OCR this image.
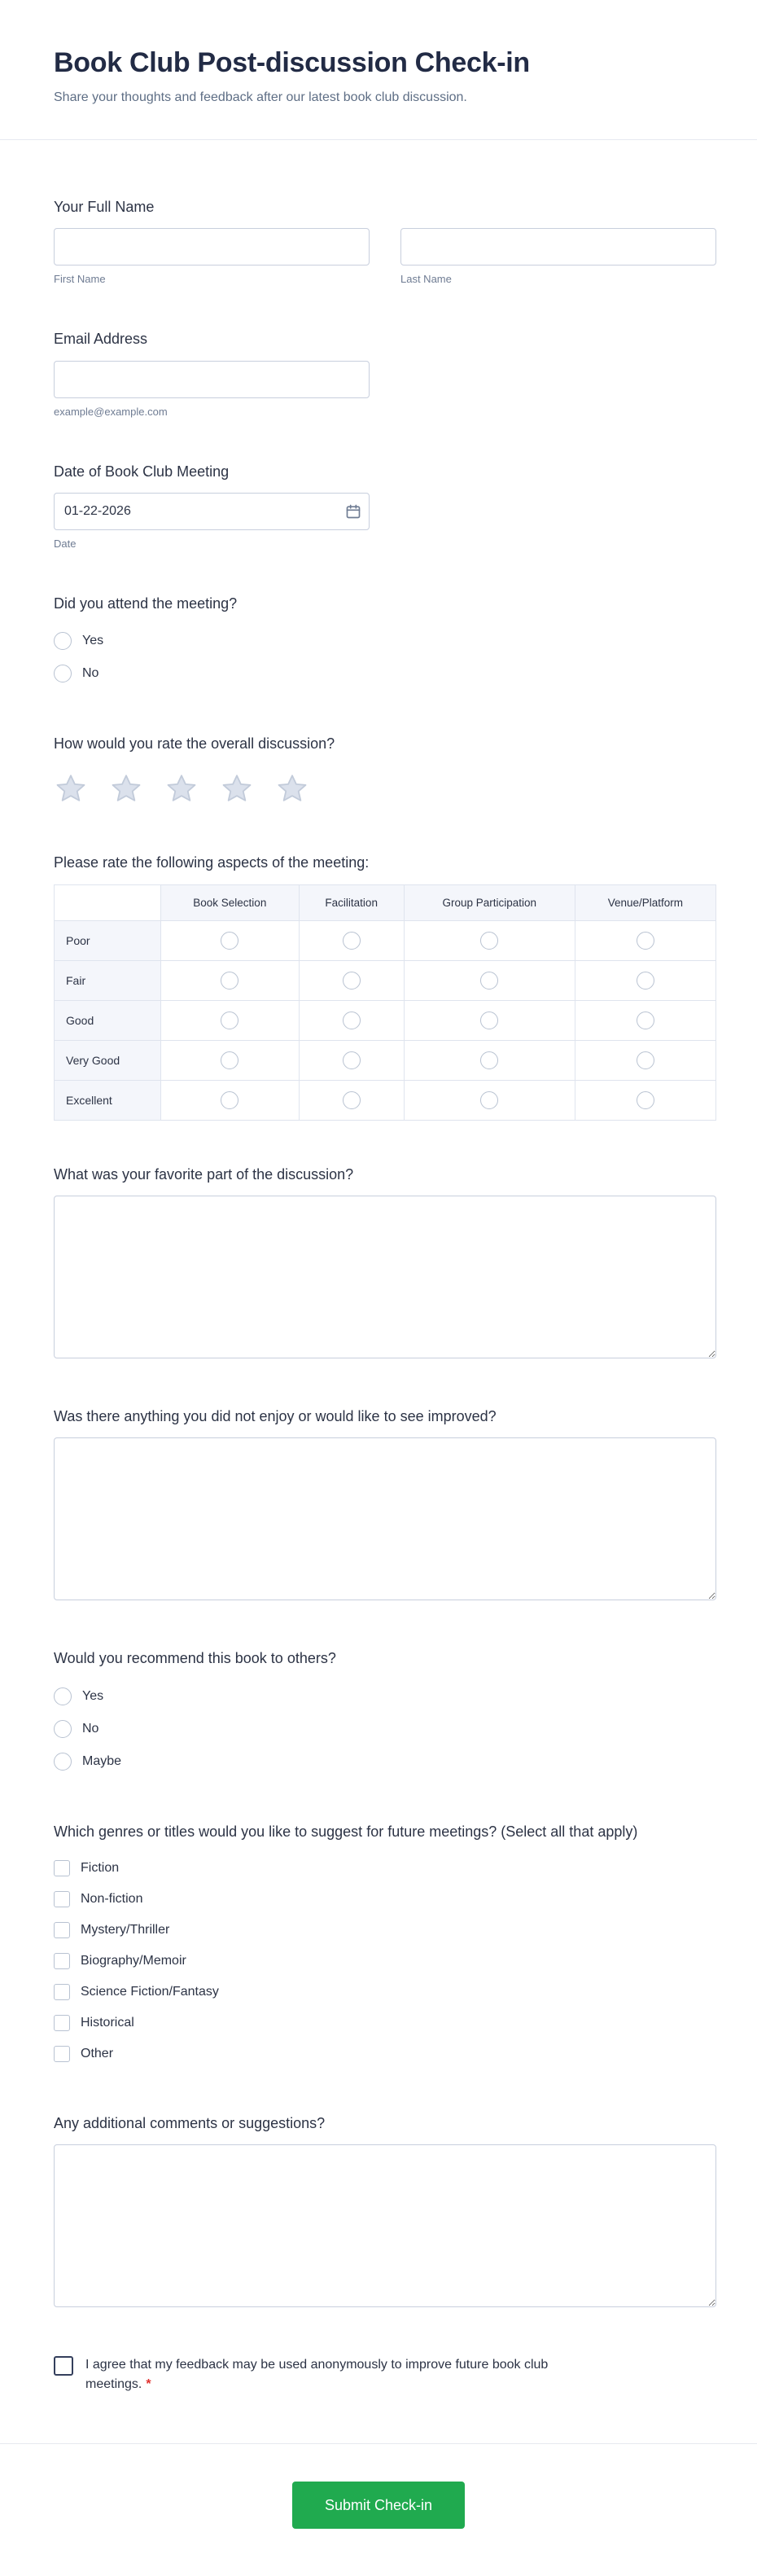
Book Club Post-discussion Check-in

Share your thoughts and feedback after our latest book club discussion.

Your Full Name
First Name	Last Name
Email Address
example@example.com
Date of Book Club Meeting
01-22-2026
Date
Did you attend the meeting?
Yes
No
How would you rate the overall discussion?
Please rate the following aspects of the meeting:
	Book Selection	Facilitation	Group Participation	Venue/Platform
Poor	

Fair	

Good	

Very Good	

Excellent	

What was your favorite part of the discussion?
Was there anything you did not enjoy or would like to see improved?
Would you recommend this book to others?
Yes
No
Maybe
Which genres or titles would you like to suggest for future meetings? (Select all that apply)
Fiction
Non-fiction
Mystery/Thriller
Biography/Memoir
Science Fiction/Fantasy
Historical
Other
Any additional comments or suggestions?

I agree that my feedback may be used anonymously to improve future book club meetings. *

Submit Check-in
